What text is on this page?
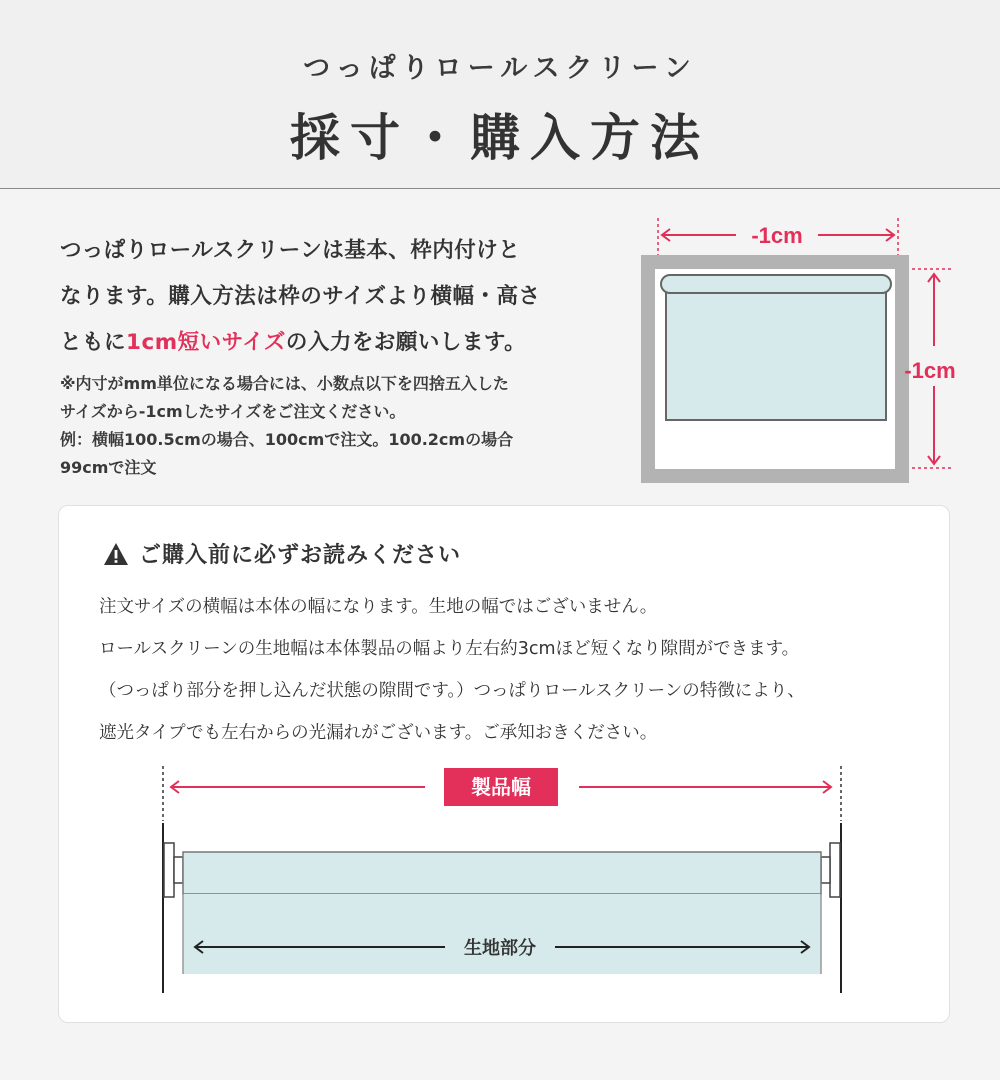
つっぱりロールスクリーン
採寸・購入方法
つっぱりロールスクリーンは基本、枠内付けと
なります。購入方法は枠のサイズより横幅・高さ
ともに1cm短いサイズの入力をお願いします。

※内寸がmm単位になる場合には、小数点以下を四捨五入した

サイズから-1cmしたサイズをご注文ください。

例：横幅100.5cmの場合、100cmで注文。100.2cmの場合

99cmで注文

-1cm
-1cm
ご購入前に必ずお読みください

注文サイズの横幅は本体の幅になります。生地の幅ではございません。

ロールスクリーンの生地幅は本体製品の幅より左右約3cmほど短くなり隙間ができます。

（つっぱり部分を押し込んだ状態の隙間です。）つっぱりロールスクリーンの特徴により、

遮光タイプでも左右からの光漏れがございます。ご承知おきください。

製品幅
生地部分
